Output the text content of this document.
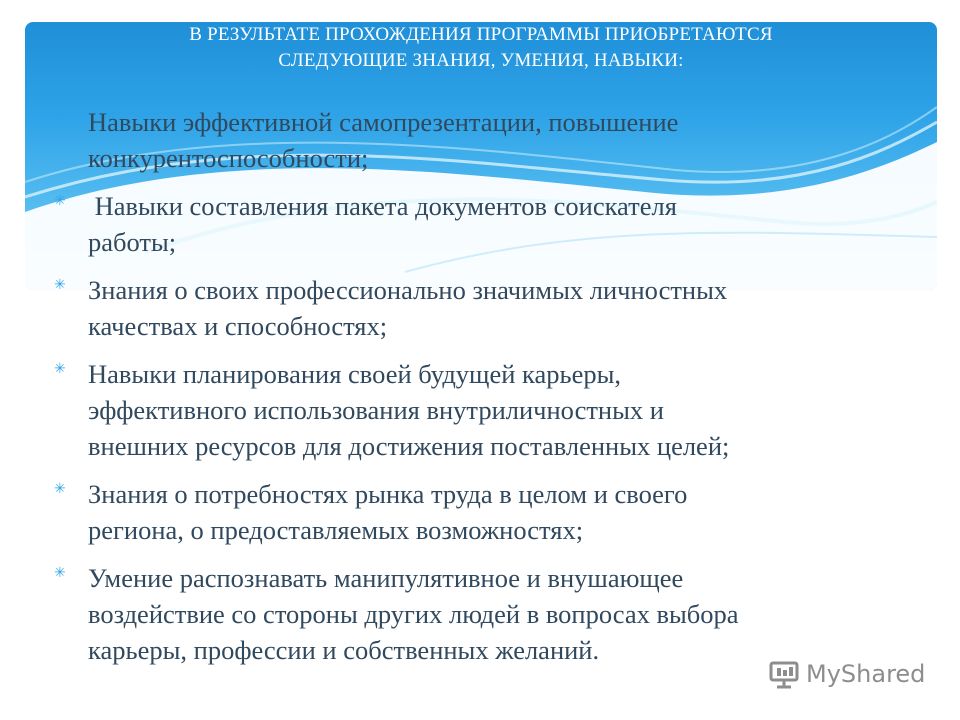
В РЕЗУЛЬТАТЕ ПРОХОЖДЕНИЯ ПРОГРАММЫ ПРИОБРЕТАЮТСЯ
СЛЕДУЮЩИЕ ЗНАНИЯ, УМЕНИЯ, НАВЫКИ:
✳ Навыки эффективной самопрезентации, повышение
конкурентоспособности;
✳ Навыки составления пакета документов соискателя
работы;
✳ Знания о своих профессионально значимых личностных
качествах и способностях;
✳ Навыки планирования своей будущей карьеры,
эффективного использования внутриличностных и
внешних ресурсов для достижения поставленных целей;
✳ Знания о потребностях рынка труда в целом и своего
региона, о предоставляемых возможностях;
✳ Умение распознавать манипулятивное и внушающее
воздействие со стороны других людей в вопросах выбора
карьеры, профессии и собственных желаний.
MyShared
